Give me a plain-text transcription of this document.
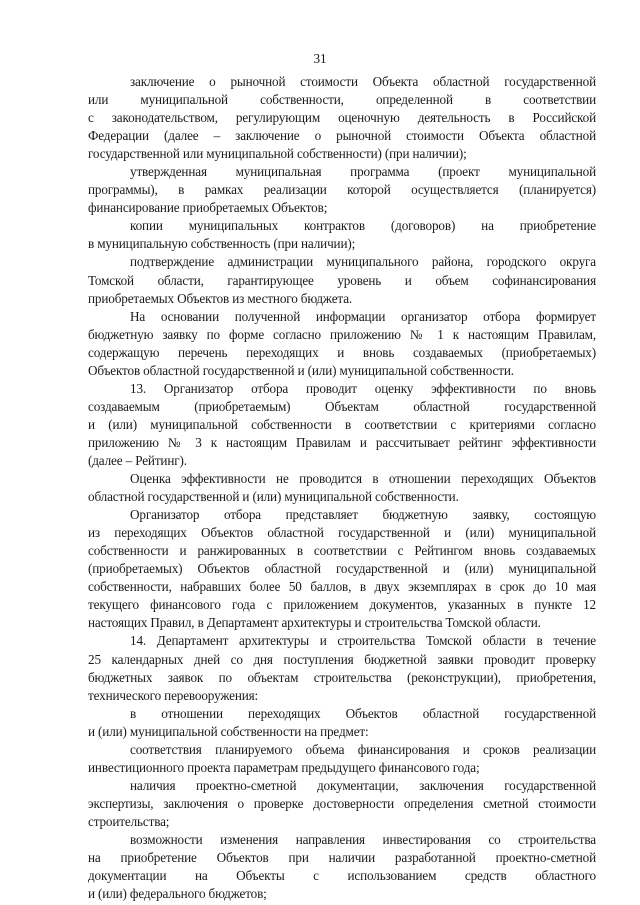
31
заключение о рыночной стоимости Объекта областной государственной
или муниципальной собственности, определенной в соответствии
с законодательством, регулирующим оценочную деятельность в Российской
Федерации (далее – заключение о рыночной стоимости Объекта областной
государственной или муниципальной собственности) (при наличии);
утвержденная муниципальная программа (проект муниципальной
программы), в рамках реализации которой осуществляется (планируется)
финансирование приобретаемых Объектов;
копии муниципальных контрактов (договоров) на приобретение
в муниципальную собственность (при наличии);
подтверждение администрации муниципального района, городского округа
Томской области, гарантирующее уровень и объем софинансирования
приобретаемых Объектов из местного бюджета.
На основании полученной информации организатор отбора формирует
бюджетную заявку по форме согласно приложению № 1 к настоящим Правилам,
содержащую перечень переходящих и вновь создаваемых (приобретаемых)
Объектов областной государственной и (или) муниципальной собственности.
13. Организатор отбора проводит оценку эффективности по вновь
создаваемым (приобретаемым) Объектам областной государственной
и (или) муниципальной собственности в соответствии с критериями согласно
приложению № 3 к настоящим Правилам и рассчитывает рейтинг эффективности
(далее – Рейтинг).
Оценка эффективности не проводится в отношении переходящих Объектов
областной государственной и (или) муниципальной собственности.
Организатор отбора представляет бюджетную заявку, состоящую
из переходящих Объектов областной государственной и (или) муниципальной
собственности и ранжированных в соответствии с Рейтингом вновь создаваемых
(приобретаемых) Объектов областной государственной и (или) муниципальной
собственности, набравших более 50 баллов, в двух экземплярах в срок до 10 мая
текущего финансового года с приложением документов, указанных в пункте 12
настоящих Правил, в Департамент архитектуры и строительства Томской области.
14. Департамент архитектуры и строительства Томской области в течение
25 календарных дней со дня поступления бюджетной заявки проводит проверку
бюджетных заявок по объектам строительства (реконструкции), приобретения,
технического перевооружения:
в отношении переходящих Объектов областной государственной
и (или) муниципальной собственности на предмет:
соответствия планируемого объема финансирования и сроков реализации
инвестиционного проекта параметрам предыдущего финансового года;
наличия проектно-сметной документации, заключения государственной
экспертизы, заключения о проверке достоверности определения сметной стоимости
строительства;
возможности изменения направления инвестирования со строительства
на приобретение Объектов при наличии разработанной проектно-сметной
документации на Объекты с использованием средств областного
и (или) федерального бюджетов;
